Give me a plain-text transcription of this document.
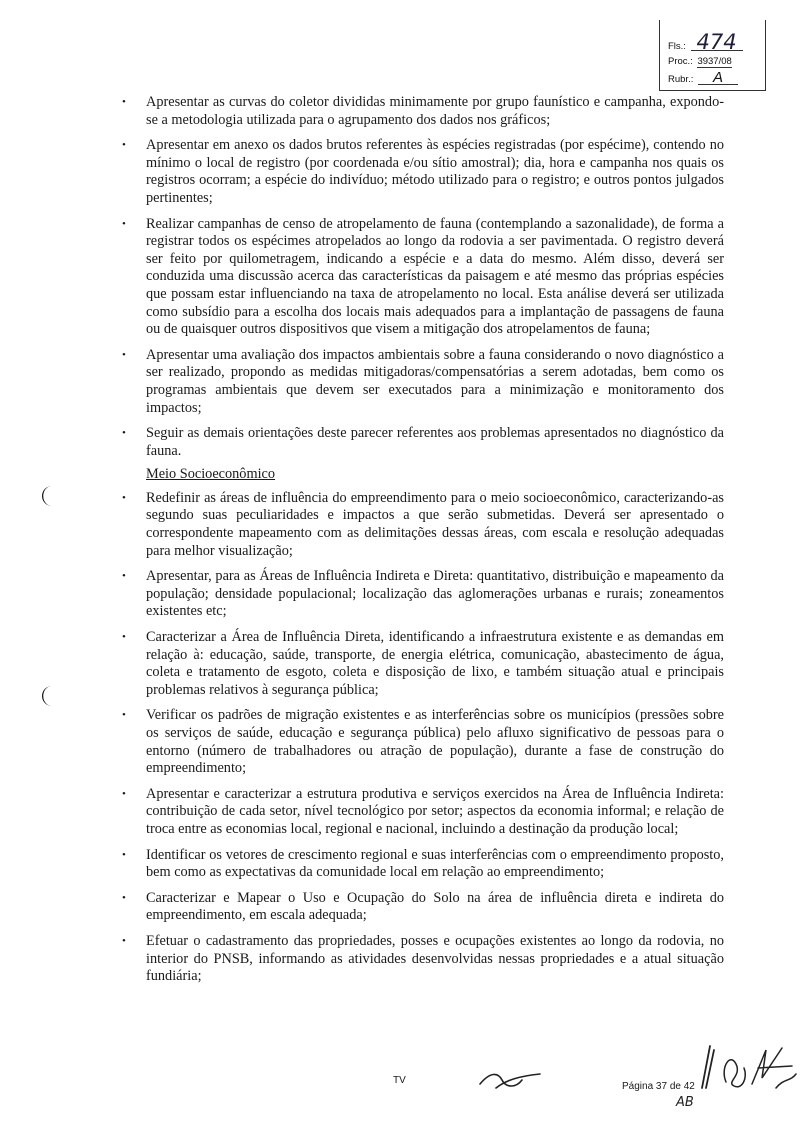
Fls.: 474
Proc.: 3937/08
Rubr.: A
• Apresentar as curvas do coletor divididas minimamente por grupo faunístico e campanha, expondo-se a metodologia utilizada para o agrupamento dos dados nos gráficos;
• Apresentar em anexo os dados brutos referentes às espécies registradas (por espécime), contendo no mínimo o local de registro (por coordenada e/ou sítio amostral); dia, hora e campanha nos quais os registros ocorram; a espécie do indivíduo; método utilizado para o registro; e outros pontos julgados pertinentes;
• Realizar campanhas de censo de atropelamento de fauna (contemplando a sazonalidade), de forma a registrar todos os espécimes atropelados ao longo da rodovia a ser pavimentada. O registro deverá ser feito por quilometragem, indicando a espécie e a data do mesmo. Além disso, deverá ser conduzida uma discussão acerca das características da paisagem e até mesmo das próprias espécies que possam estar influenciando na taxa de atropelamento no local. Esta análise deverá ser utilizada como subsídio para a escolha dos locais mais adequados para a implantação de passagens de fauna ou de quaisquer outros dispositivos que visem a mitigação dos atropelamentos de fauna;
• Apresentar uma avaliação dos impactos ambientais sobre a fauna considerando o novo diagnóstico a ser realizado, propondo as medidas mitigadoras/compensatórias a serem adotadas, bem como os programas ambientais que devem ser executados para a minimização e monitoramento dos impactos;
• Seguir as demais orientações deste parecer referentes aos problemas apresentados no diagnóstico da fauna.
Meio Socioeconômico
• Redefinir as áreas de influência do empreendimento para o meio socioeconômico, caracterizando-as segundo suas peculiaridades e impactos a que serão submetidas. Deverá ser apresentado o correspondente mapeamento com as delimitações dessas áreas, com escala e resolução adequadas para melhor visualização;
• Apresentar, para as Áreas de Influência Indireta e Direta: quantitativo, distribuição e mapeamento da população; densidade populacional; localização das aglomerações urbanas e rurais; zoneamentos existentes etc;
• Caracterizar a Área de Influência Direta, identificando a infraestrutura existente e as demandas em relação à: educação, saúde, transporte, de energia elétrica, comunicação, abastecimento de água, coleta e tratamento de esgoto, coleta e disposição de lixo, e também situação atual e principais problemas relativos à segurança pública;
• Verificar os padrões de migração existentes e as interferências sobre os municípios (pressões sobre os serviços de saúde, educação e segurança pública) pelo afluxo significativo de pessoas para o entorno (número de trabalhadores ou atração de população), durante a fase de construção do empreendimento;
• Apresentar e caracterizar a estrutura produtiva e serviços exercidos na Área de Influência Indireta: contribuição de cada setor, nível tecnológico por setor; aspectos da economia informal; e relação de troca entre as economias local, regional e nacional, incluindo a destinação da produção local;
• Identificar os vetores de crescimento regional e suas interferências com o empreendimento proposto, bem como as expectativas da comunidade local em relação ao empreendimento;
• Caracterizar e Mapear o Uso e Ocupação do Solo na área de influência direta e indireta do empreendimento, em escala adequada;
• Efetuar o cadastramento das propriedades, posses e ocupações existentes ao longo da rodovia, no interior do PNSB, informando as atividades desenvolvidas nessas propriedades e a atual situação fundiária;
TV
Página 37 de 42
AB
